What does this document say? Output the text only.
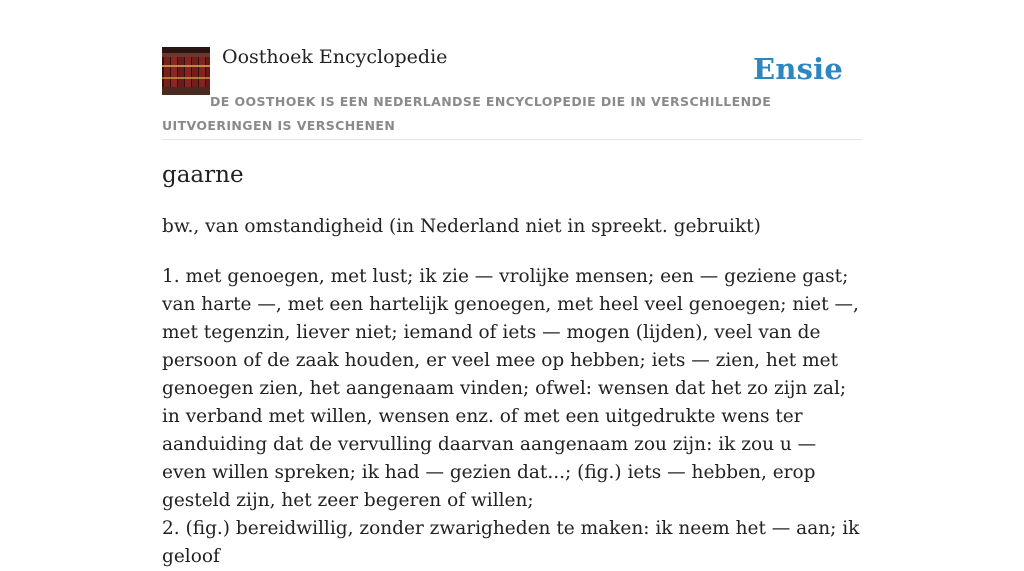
Oosthoek Encyclopedie	Ensie
DE OOSTHOEK IS EEN NEDERLANDSE ENCYCLOPEDIE DIE IN VERSCHILLENDE UITVOERINGEN IS VERSCHENEN
gaarne
bw., van omstandigheid (in Nederland niet in spreekt. gebruikt)

1. met genoegen, met lust; ik zie — vrolijke mensen; een — geziene gast; van harte —, met een hartelijk genoegen, met heel veel genoegen; niet —, met tegenzin, liever niet; iemand of iets — mogen (lijden), veel van de persoon of de zaak houden, er veel mee op hebben; iets — zien, het met genoegen zien, het aangenaam vinden; ofwel: wensen dat het zo zijn zal; in verband met willen, wensen enz. of met een uitgedrukte wens ter aanduiding dat de vervulling daarvan aangenaam zou zijn: ik zou u — even willen spreken; ik had — gezien dat...; (fig.) iets — hebben, erop gesteld zijn, het zeer begeren of willen;

2. (fig.) bereidwillig, zonder zwarigheden te maken: ik neem het — aan; ik geloof
